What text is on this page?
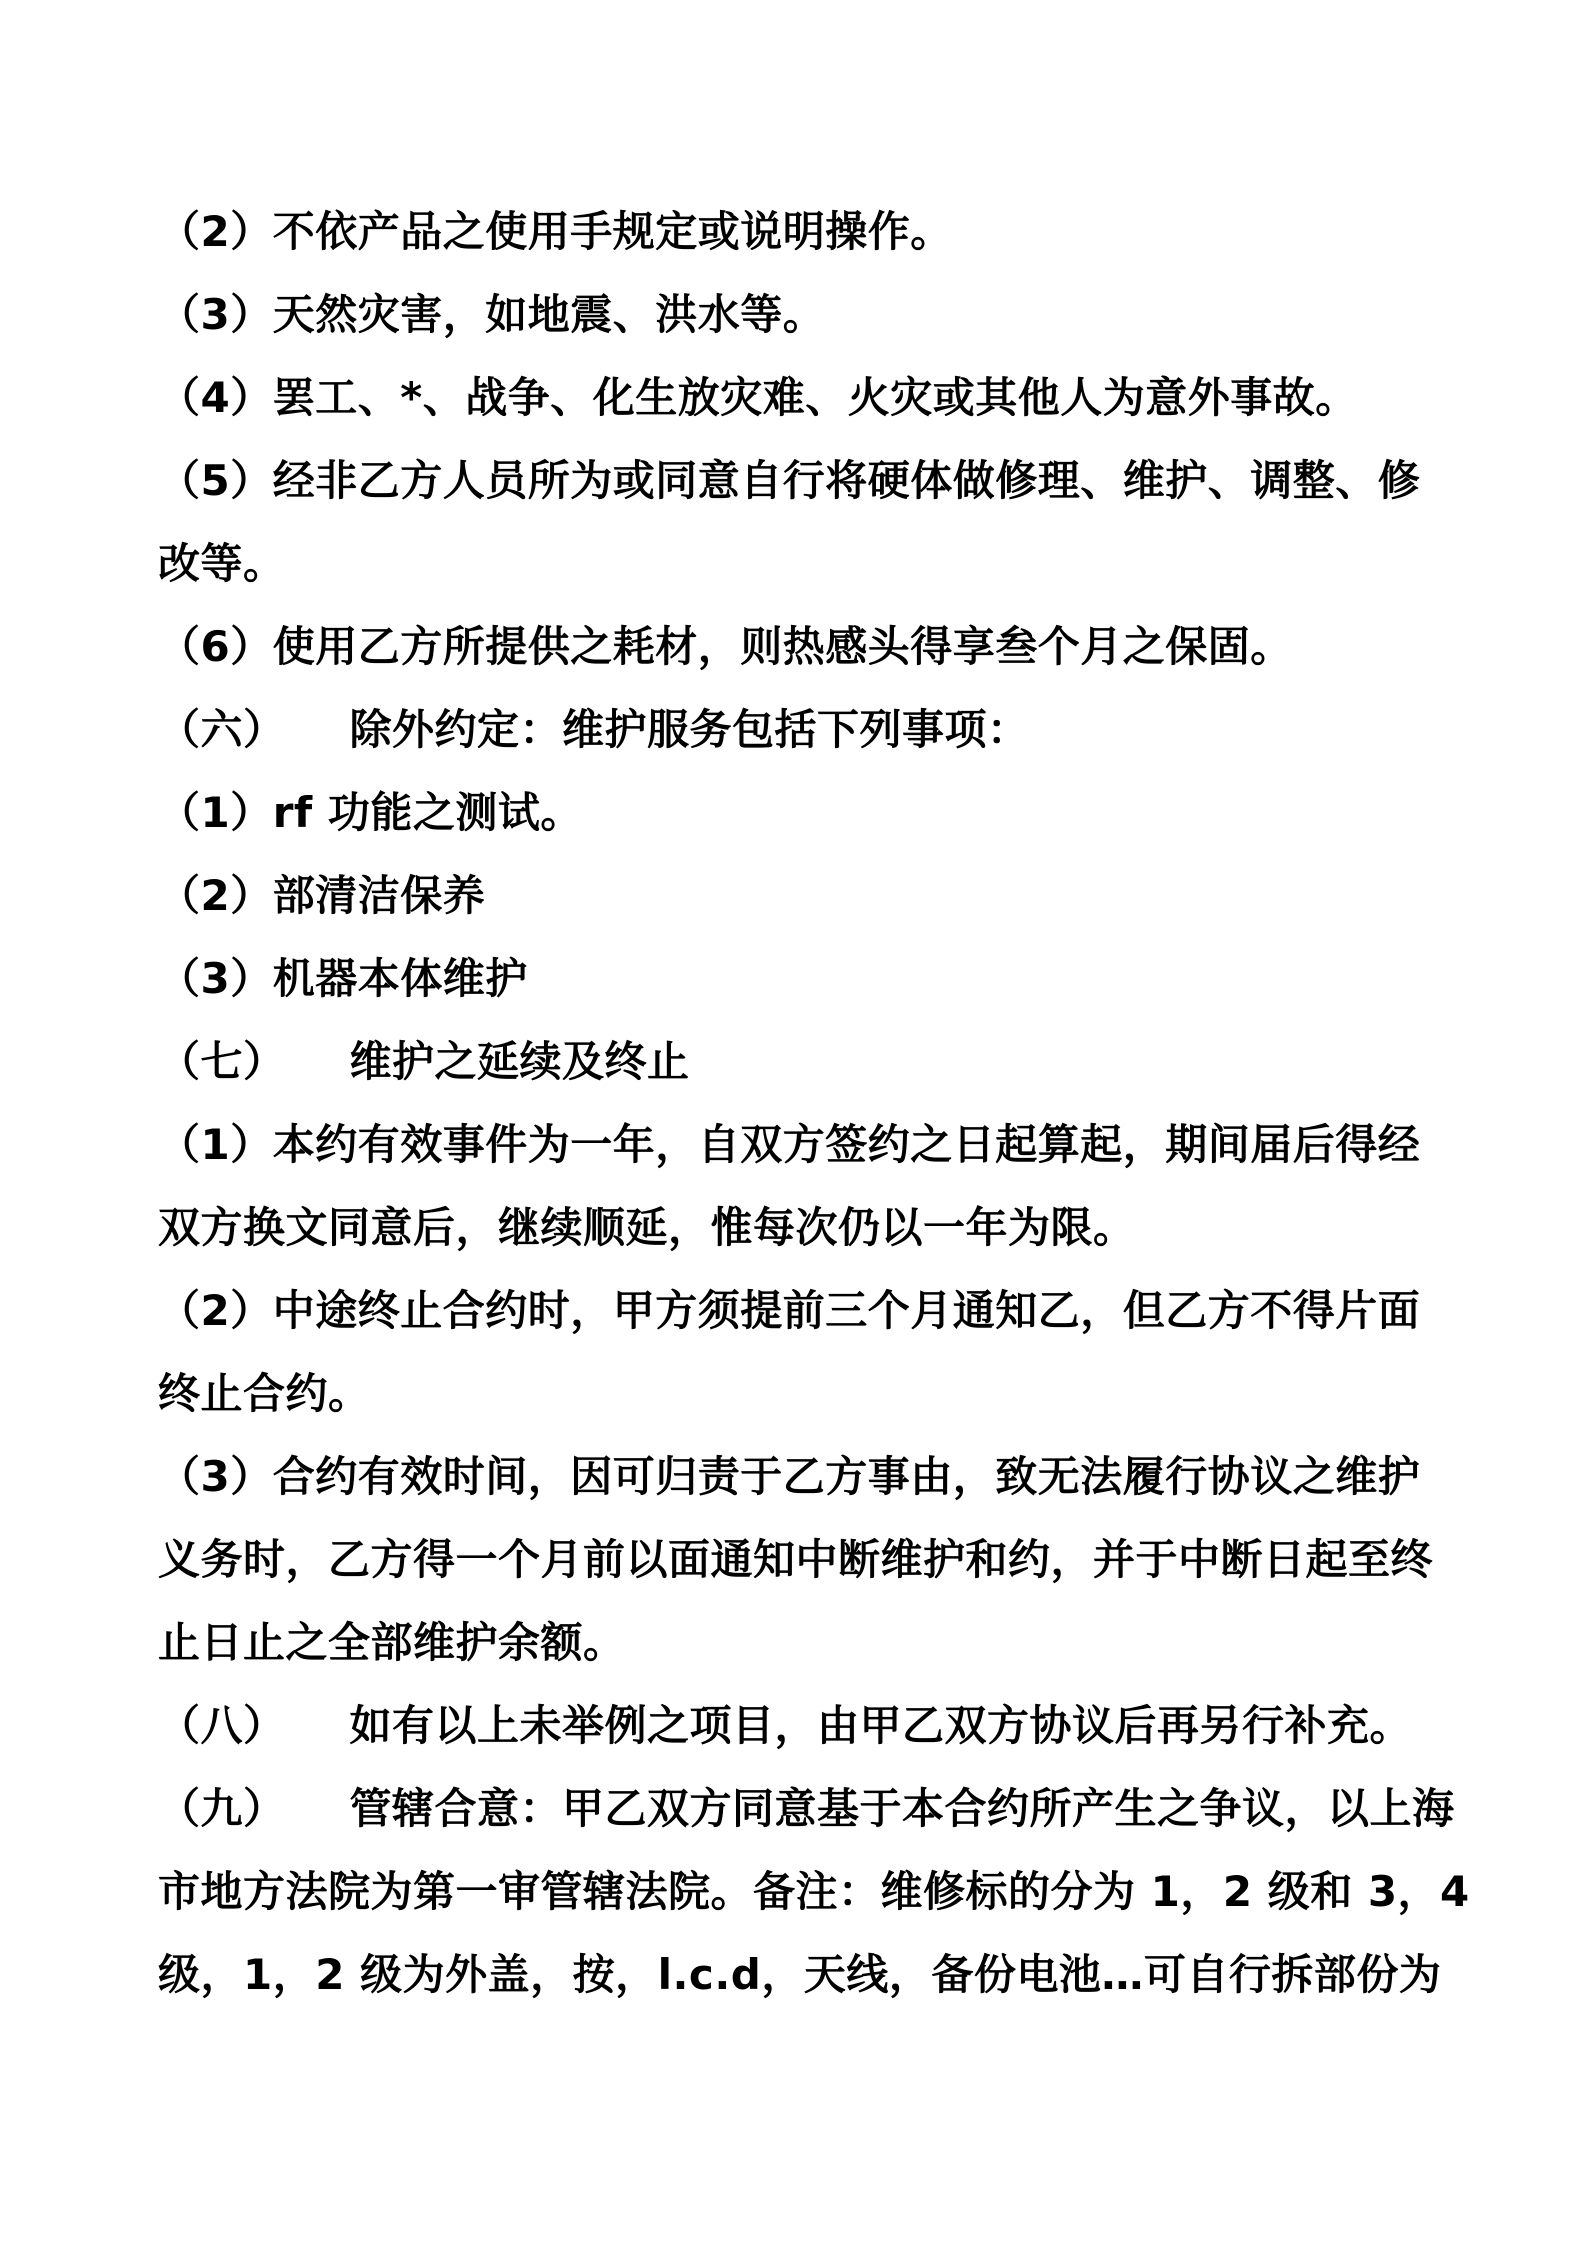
（2）不依产品之使用手规定或说明操作。
（3）天然灾害，如地震、洪水等。
（4）罢工、*、战争、化生放灾难、火灾或其他人为意外事故。
（5）经非乙方人员所为或同意自行将硬体做修理、维护、调整、修
改等。
（6）使用乙方所提供之耗材，则热感头得享叁个月之保固。
（六）　　除外约定：维护服务包括下列事项：
（1）rf 功能之测试。
（2）部清洁保养
（3）机器本体维护
（七）　　维护之延续及终止
（1）本约有效事件为一年，自双方签约之日起算起，期间届后得经
双方换文同意后，继续顺延，惟每次仍以一年为限。
（2）中途终止合约时，甲方须提前三个月通知乙，但乙方不得片面
终止合约。
（3）合约有效时间，因可归责于乙方事由，致无法履行协议之维护
义务时，乙方得一个月前以面通知中断维护和约，并于中断日起至终
止日止之全部维护余额。
（八）　　如有以上未举例之项目，由甲乙双方协议后再另行补充。
（九）　　管辖合意：甲乙双方同意基于本合约所产生之争议，以上海
市地方法院为第一审管辖法院。备注：维修标的分为 1，2 级和 3，4
级，1，2 级为外盖，按，l.c.d，天线，备份电池…可自行拆部份为
